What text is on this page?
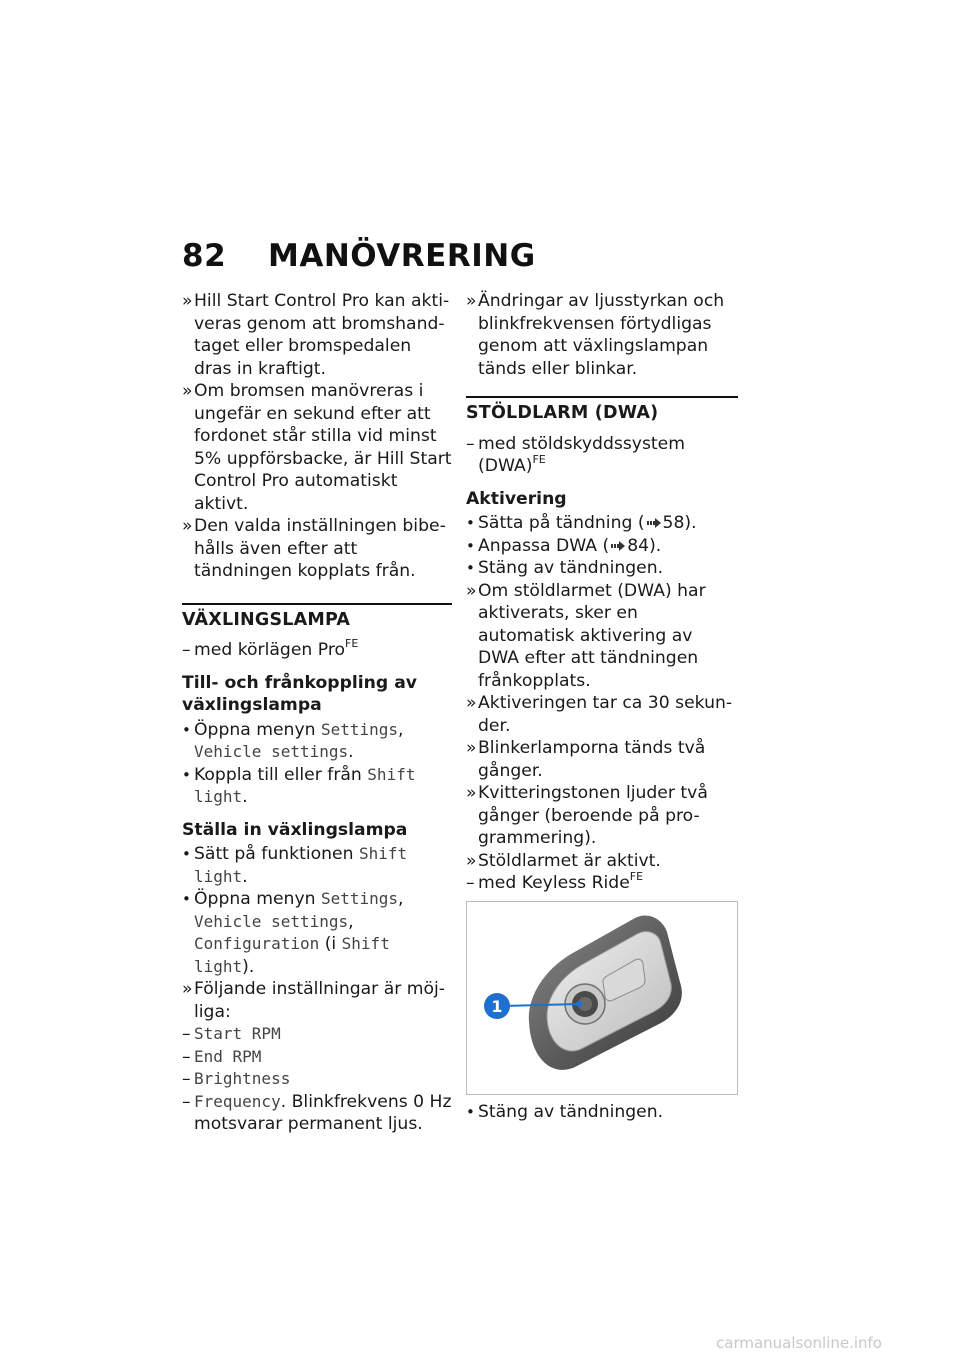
82	MANÖVRERING
» Hill Start Control Pro kan akti-veras genom att bromshand-taget eller bromspedalen dras in kraftigt.
» Om bromsen manövreras i ungefär en sekund efter att fordonet står stilla vid minst 5% uppförsbacke, är Hill Start Control Pro automatiskt aktivt.
» Den valda inställningen bibe-hålls även efter att tändningen kopplats från.
VÄXLINGSLAMPA
– med körlägen Pro$^{FE}$
Till- och frånkoppling av växlingslampa
• Öppna menyn Settings, Vehicle settings.
• Koppla till eller från Shift light.
Ställa in växlingslampa
• Sätt på funktionen Shift light.
• Öppna menyn Settings, Vehicle settings, Configuration (i Shift light).
» Följande inställningar är möj-liga:
– Start RPM
– End RPM
– Brightness
– Frequency. Blinkfrekvens 0 Hz motsvarar permanent ljus.
» Ändringar av ljusstyrkan och blinkfrekvensen förtydligas genom att växlingslampan tänds eller blinkar.
STÖLDLARM (DWA)
– med stöldskyddssystem (DWA)$^{FE}$
Aktivering
• Sätta på tändning ( 58).
• Anpassa DWA ( 84).
• Stäng av tändningen.
» Om stöldlarmet (DWA) har aktiverats, sker en automatisk aktivering av DWA efter att tändningen frånkopplats.
» Aktiveringen tar ca 30 sekun-der.
» Blinkerlamporna tänds två gånger.
» Kvitteringstonen ljuder två gånger (beroende på pro-grammering).
» Stöldlarmet är aktivt.
– med Keyless Ride$^{FE}$
1
• Stäng av tändningen.
carmanualsonline.info
